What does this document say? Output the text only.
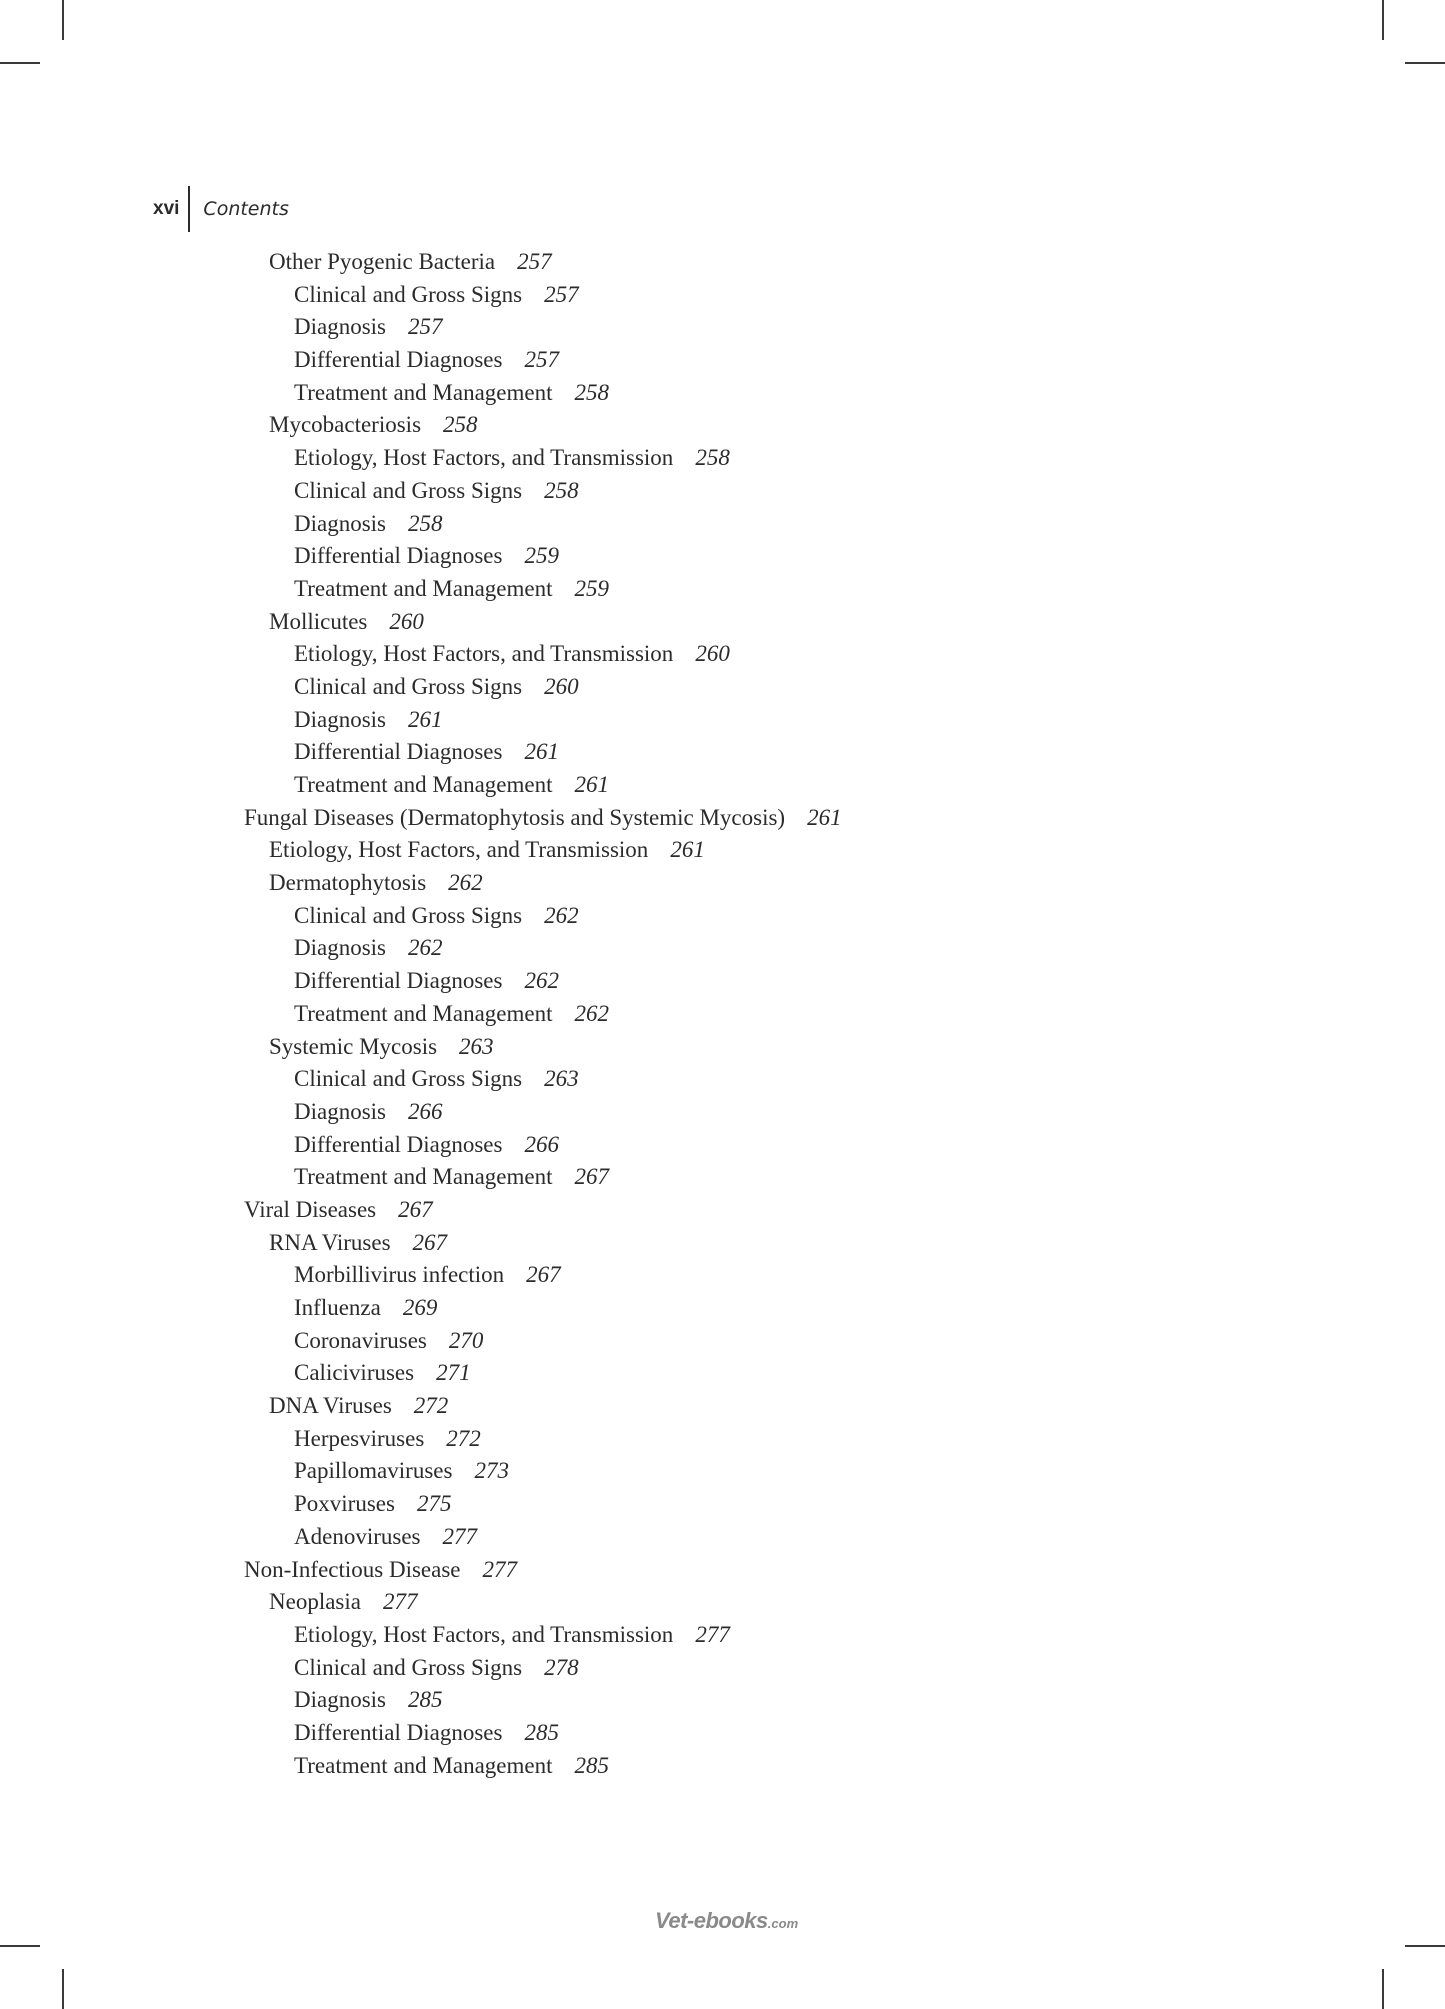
xvi	Contents
Other Pyogenic Bacteria 257
Clinical and Gross Signs 257
Diagnosis 257
Differential Diagnoses 257
Treatment and Management 258
Mycobacteriosis 258
Etiology, Host Factors, and Transmission 258
Clinical and Gross Signs 258
Diagnosis 258
Differential Diagnoses 259
Treatment and Management 259
Mollicutes 260
Etiology, Host Factors, and Transmission 260
Clinical and Gross Signs 260
Diagnosis 261
Differential Diagnoses 261
Treatment and Management 261
Fungal Diseases (Dermatophytosis and Systemic Mycosis) 261
Etiology, Host Factors, and Transmission 261
Dermatophytosis 262
Clinical and Gross Signs 262
Diagnosis 262
Differential Diagnoses 262
Treatment and Management 262
Systemic Mycosis 263
Clinical and Gross Signs 263
Diagnosis 266
Differential Diagnoses 266
Treatment and Management 267
Viral Diseases 267
RNA Viruses 267
Morbillivirus infection 267
Influenza 269
Coronaviruses 270
Caliciviruses 271
DNA Viruses 272
Herpesviruses 272
Papillomaviruses 273
Poxviruses 275
Adenoviruses 277
Non-Infectious Disease 277
Neoplasia 277
Etiology, Host Factors, and Transmission 277
Clinical and Gross Signs 278
Diagnosis 285
Differential Diagnoses 285
Treatment and Management 285
Vet-ebooks.com
